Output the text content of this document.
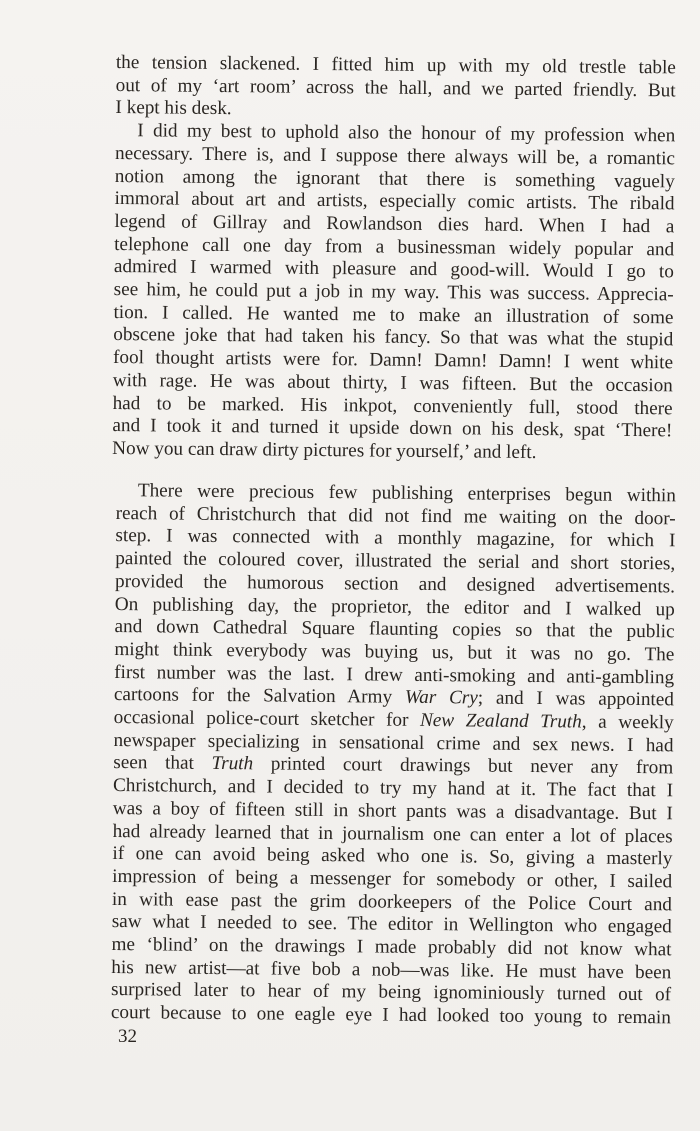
the tension slackened. I fitted him up with my old trestle table
out of my ‘art room’ across the hall, and we parted friendly. But
I kept his desk.
I did my best to uphold also the honour of my profession when
necessary. There is, and I suppose there always will be, a romantic
notion among the ignorant that there is something vaguely
immoral about art and artists, especially comic artists. The ribald
legend of Gillray and Rowlandson dies hard. When I had a
telephone call one day from a businessman widely popular and
admired I warmed with pleasure and good-will. Would I go to
see him, he could put a job in my way. This was success. Apprecia-
tion. I called. He wanted me to make an illustration of some
obscene joke that had taken his fancy. So that was what the stupid
fool thought artists were for. Damn! Damn! Damn! I went white
with rage. He was about thirty, I was fifteen. But the occasion
had to be marked. His inkpot, conveniently full, stood there
and I took it and turned it upside down on his desk, spat ‘There!
Now you can draw dirty pictures for yourself,’ and left.
There were precious few publishing enterprises begun within
reach of Christchurch that did not find me waiting on the door-
step. I was connected with a monthly magazine, for which I
painted the coloured cover, illustrated the serial and short stories,
provided the humorous section and designed advertisements.
On publishing day, the proprietor, the editor and I walked up
and down Cathedral Square flaunting copies so that the public
might think everybody was buying us, but it was no go. The
first number was the last. I drew anti-smoking and anti-gambling
cartoons for the Salvation Army War Cry; and I was appointed
occasional police-court sketcher for New Zealand Truth, a weekly
newspaper specializing in sensational crime and sex news. I had
seen that Truth printed court drawings but never any from
Christchurch, and I decided to try my hand at it. The fact that I
was a boy of fifteen still in short pants was a disadvantage. But I
had already learned that in journalism one can enter a lot of places
if one can avoid being asked who one is. So, giving a masterly
impression of being a messenger for somebody or other, I sailed
in with ease past the grim doorkeepers of the Police Court and
saw what I needed to see. The editor in Wellington who engaged
me ‘blind’ on the drawings I made probably did not know what
his new artist—at five bob a nob—was like. He must have been
surprised later to hear of my being ignominiously turned out of
court because to one eagle eye I had looked too young to remain
32
